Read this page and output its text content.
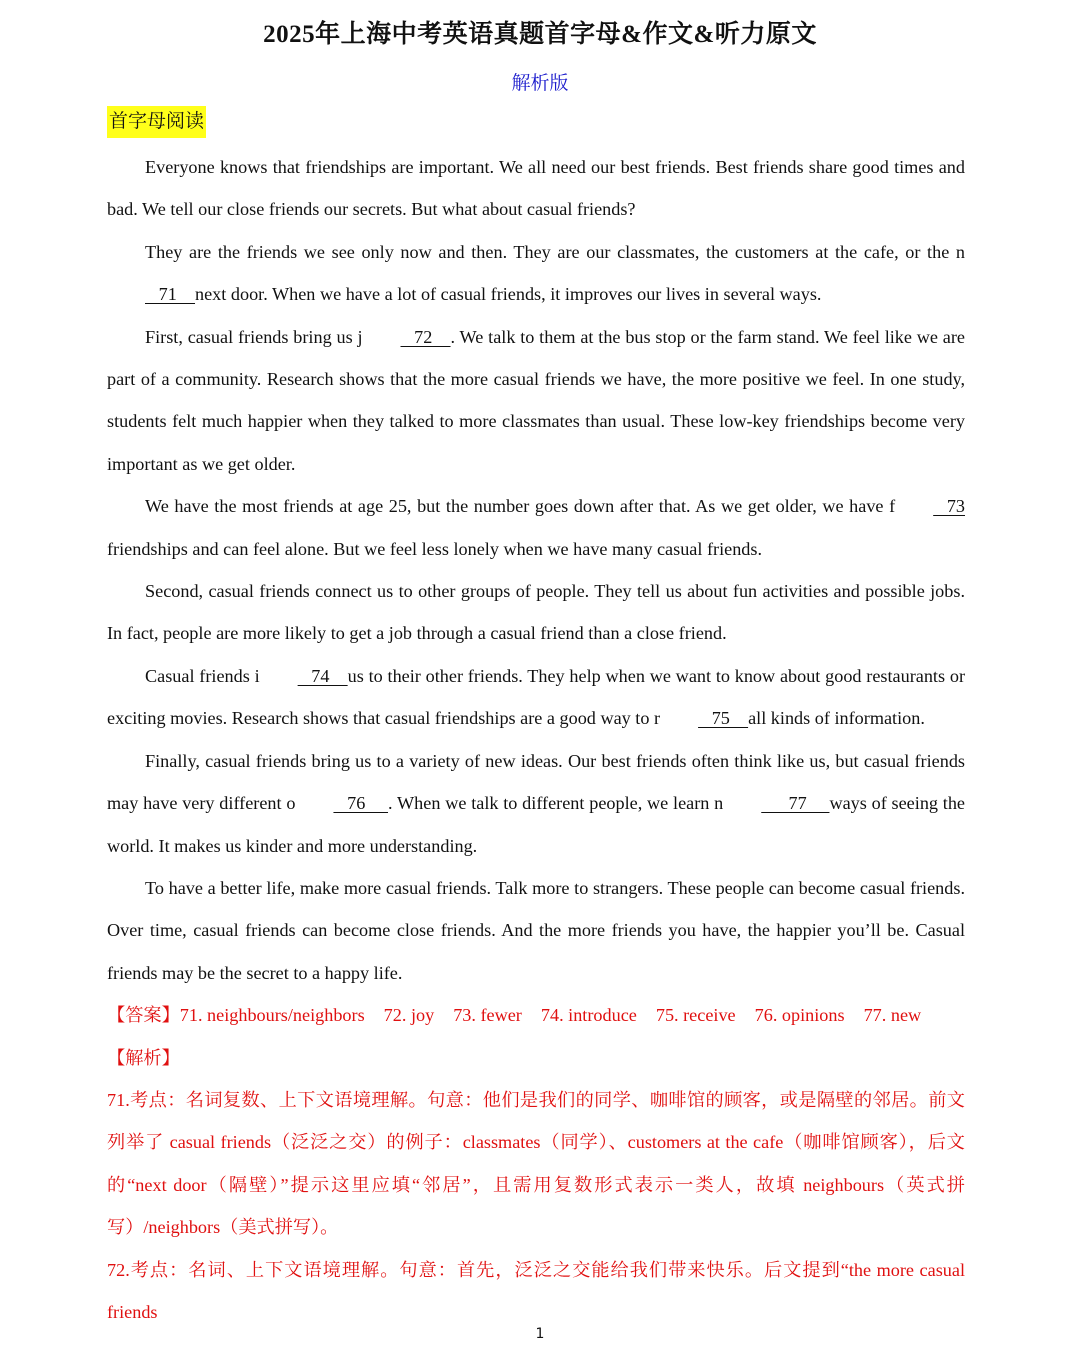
2025年上海中考英语真题首字母&作文&听力原文
解析版
首字母阅读

Everyone knows that friendships are important. We all need our best friends. Best friends share good times and bad. We tell our close friends our secrets. But what about casual friends?

They are the friends we see only now and then. They are our classmates, the customers at the cafe, or the n   71    next door. When we have a lot of casual friends, it improves our lives in several ways.

First, casual friends bring us j   72    . We talk to them at the bus stop or the farm stand. We feel like we are part of a community. Research shows that the more casual friends we have, the more positive we feel. In one study, students felt much happier when they talked to more classmates than usual. These low-key friendships become very important as we get older.

We have the most friends at age 25, but the number goes down after that. As we get older, we have f   73 friendships and can feel alone. But we feel less lonely when we have many casual friends.

Second, casual friends connect us to other groups of people. They tell us about fun activities and possible jobs. In fact, people are more likely to get a job through a casual friend than a close friend.

Casual friends i   74    us to their other friends. They help when we want to know about good restaurants or exciting movies. Research shows that casual friendships are a good way to r   75    all kinds of information.

Finally, casual friends bring us to a variety of new ideas. Our best friends often think like us, but casual friends may have very different o   76     . When we talk to different people, we learn n      77     ways of seeing the world. It makes us kinder and more understanding.

To have a better life, make more casual friends. Talk more to strangers. These people can become casual friends. Over time, casual friends can become close friends. And the more friends you have, the happier you’ll be. Casual friends may be the secret to a happy life.

【答案】 71. neighbours/neighbors 72. joy 73. fewer 74. introduce 75. receive 76. opinions 77. new

【解析】

71.考点：名词复数、上下文语境理解。句意：他们是我们的同学、咖啡馆的顾客，或是隔壁的邻居。前文列举了 casual friends（泛泛之交）的例子：classmates（同学）、customers at the cafe（咖啡馆顾客），后文的“next door（隔壁）”提示这里应填“邻居”，且需用复数形式表示一类人，故填 neighbours（英式拼写）/neighbors（美式拼写）。

72.考点：名词、上下文语境理解。句意：首先，泛泛之交能给我们带来快乐。后文提到“the more casual friends

1
